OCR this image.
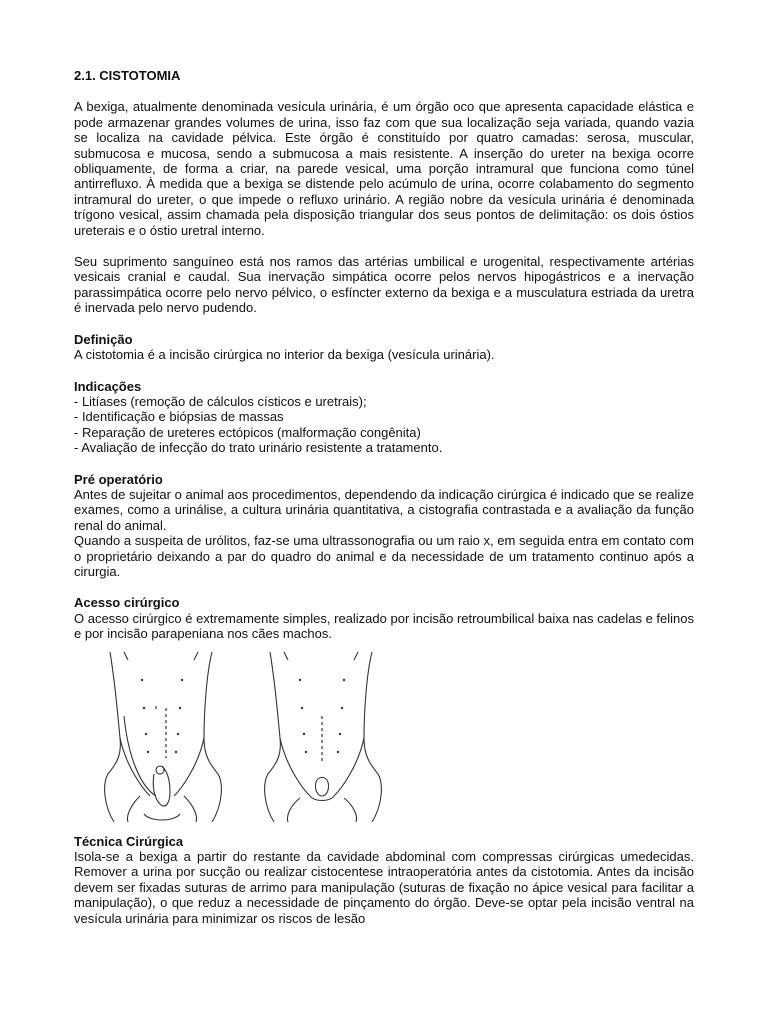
2.1. CISTOTOMIA

A bexiga, atualmente denominada vesícula urinária, é um órgão oco que apresenta capacidade elástica e pode armazenar grandes volumes de urina, isso faz com que sua localização seja variada, quando vazia se localiza na cavidade pélvica. Este órgão é constituído por quatro camadas: serosa, muscular, submucosa e mucosa, sendo a submucosa a mais resistente. A inserção do ureter na bexiga ocorre obliquamente, de forma a criar, na parede vesical, uma porção intramural que funciona como túnel antirrefluxo. À medida que a bexiga se distende pelo acúmulo de urina, ocorre colabamento do segmento intramural do ureter, o que impede o refluxo urinário. A região nobre da vesícula urinária é denominada trígono vesical, assim chamada pela disposição triangular dos seus pontos de delimitação: os dois óstios ureterais e o óstio uretral interno.

Seu suprimento sanguíneo está nos ramos das artérias umbilical e urogenital, respectivamente artérias vesicais cranial e caudal. Sua inervação simpática ocorre pelos nervos hipogástricos e a inervação parassimpática ocorre pelo nervo pélvico, o esfíncter externo da bexiga e a musculatura estriada da uretra é inervada pelo nervo pudendo.

Definição

A cistotomia é a incisão cirúrgica no interior da bexiga (vesícula urinária).

Indicações

- Litíases (remoção de cálculos císticos e uretrais);

- Identificação e biópsias de massas

- Reparação de ureteres ectópicos (malformação congênita)

- Avaliação de infecção do trato urinário resistente a tratamento.

Pré operatório

Antes de sujeitar o animal aos procedimentos, dependendo da indicação cirúrgica é indicado que se realize exames, como a urinálise, a cultura urinária quantitativa, a cistografia contrastada e a avaliação da função renal do animal.

Quando a suspeita de urólitos, faz-se uma ultrassonografia ou um raio x, em seguida entra em contato com o proprietário deixando a par do quadro do animal e da necessidade de um tratamento continuo após a cirurgia.

Acesso cirúrgico

O acesso cirúrgico é extremamente simples, realizado por incisão retroumbilical baixa nas cadelas e felinos e por incisão parapeniana nos cães machos.

Técnica Cirúrgica

Isola-se a bexiga a partir do restante da cavidade abdominal com compressas cirúrgicas umedecidas. Remover a urina por sucção ou realizar cistocentese intraoperatória antes da cistotomia. Antes da incisão devem ser fixadas suturas de arrimo para manipulação (suturas de fixação no ápice vesical para facilitar a manipulação), o que reduz a necessidade de pinçamento do órgão. Deve-se optar pela incisão ventral na vesícula urinária para minimizar os riscos de lesão
